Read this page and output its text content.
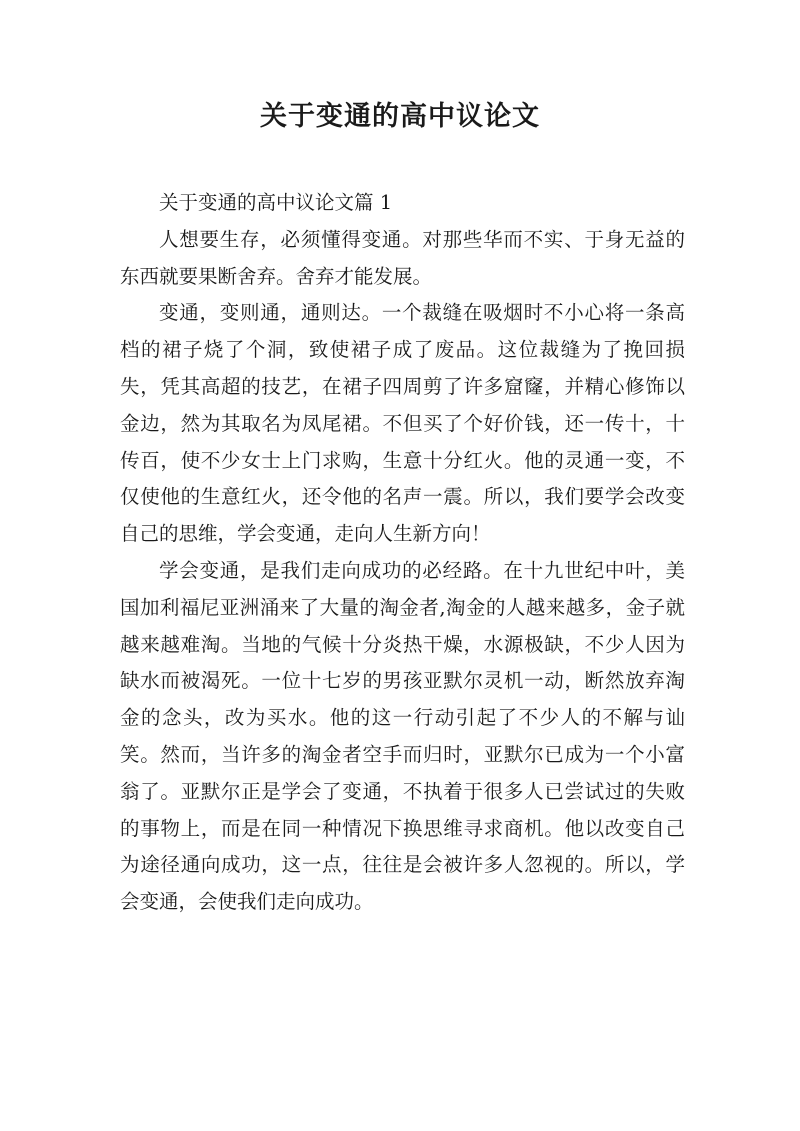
关于变通的高中议论文

关于变通的高中议论文篇 1

人想要生存，必须懂得变通。对那些华而不实、于身无益的东西就要果断舍弃。舍弃才能发展。

变通，变则通，通则达。一个裁缝在吸烟时不小心将一条高档的裙子烧了个洞，致使裙子成了废品。这位裁缝为了挽回损失，凭其高超的技艺，在裙子四周剪了许多窟窿，并精心修饰以金边，然为其取名为凤尾裙。不但买了个好价钱，还一传十，十传百，使不少女士上门求购，生意十分红火。他的灵通一变，不仅使他的生意红火，还令他的名声一震。所以，我们要学会改变自己的思维，学会变通，走向人生新方向！

学会变通，是我们走向成功的必经路。在十九世纪中叶，美国加利福尼亚洲涌来了大量的淘金者,淘金的人越来越多，金子就越来越难淘。当地的气候十分炎热干燥，水源极缺，不少人因为缺水而被渴死。一位十七岁的男孩亚默尔灵机一动，断然放弃淘金的念头，改为买水。他的这一行动引起了不少人的不解与讪笑。然而，当许多的淘金者空手而归时，亚默尔已成为一个小富翁了。亚默尔正是学会了变通，不执着于很多人已尝试过的失败的事物上，而是在同一种情况下换思维寻求商机。他以改变自己为途径通向成功，这一点，往往是会被许多人忽视的。所以，学会变通，会使我们走向成功。
